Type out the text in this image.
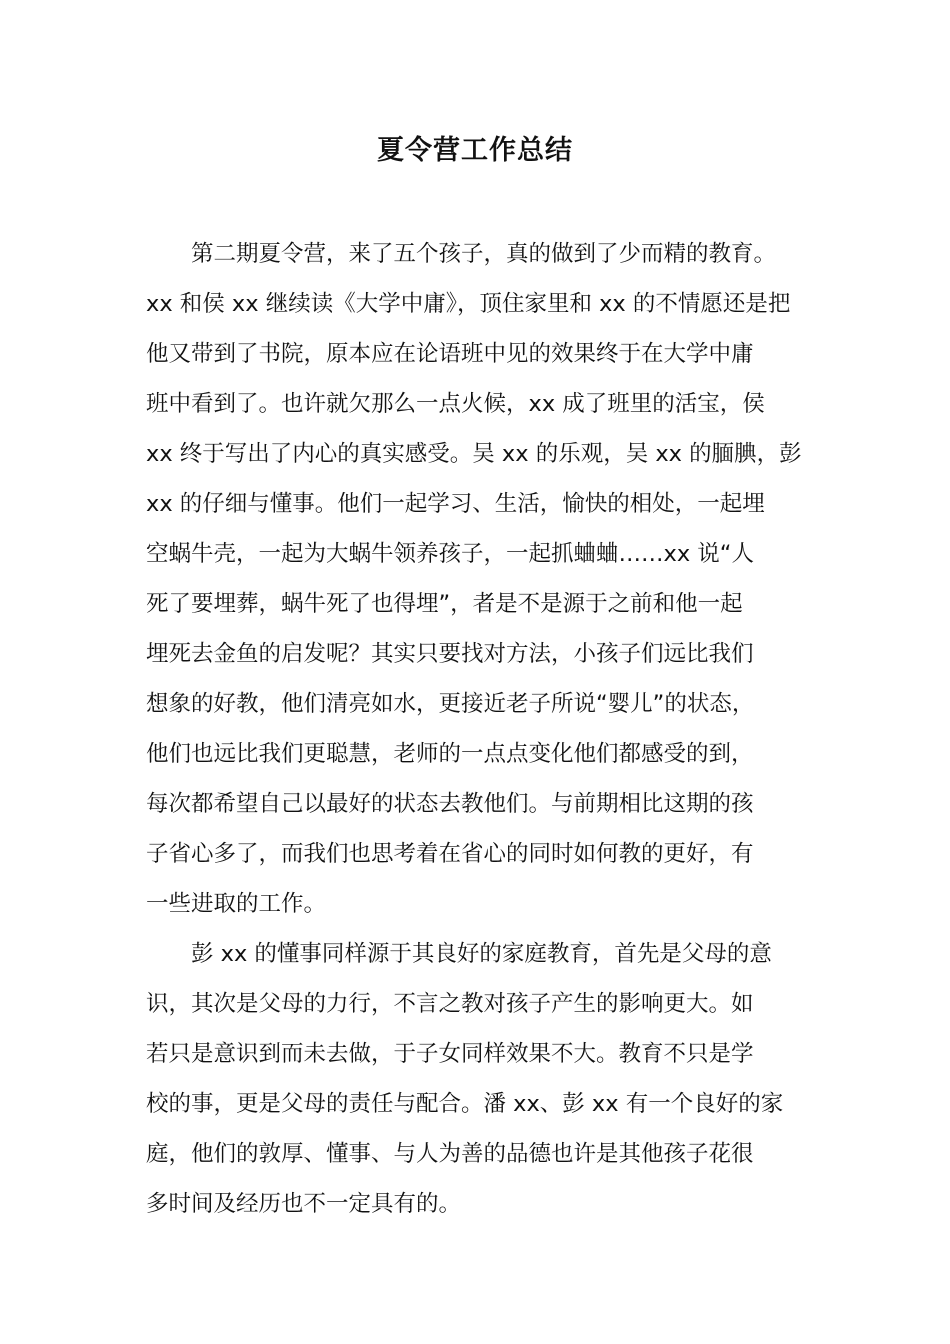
夏令营工作总结
　　第二期夏令营，来了五个孩子，真的做到了少而精的教育。
xx 和侯 xx 继续读《大学中庸》，顶住家里和 xx 的不情愿还是把
他又带到了书院，原本应在论语班中见的效果终于在大学中庸
班中看到了。也许就欠那么一点火候，xx 成了班里的活宝，侯
xx 终于写出了内心的真实感受。吴 xx 的乐观，吴 xx 的腼腆，彭
xx 的仔细与懂事。他们一起学习、生活，愉快的相处，一起埋
空蜗牛壳，一起为大蜗牛领养孩子，一起抓蛐蛐……xx 说“人
死了要埋葬，蜗牛死了也得埋”，者是不是源于之前和他一起
埋死去金鱼的启发呢？其实只要找对方法，小孩子们远比我们
想象的好教，他们清亮如水，更接近老子所说“婴儿”的状态，
他们也远比我们更聪慧，老师的一点点变化他们都感受的到，
每次都希望自己以最好的状态去教他们。与前期相比这期的孩
子省心多了，而我们也思考着在省心的同时如何教的更好，有
一些进取的工作。
　　彭 xx 的懂事同样源于其良好的家庭教育，首先是父母的意
识，其次是父母的力行，不言之教对孩子产生的影响更大。如
若只是意识到而未去做，于子女同样效果不大。教育不只是学
校的事，更是父母的责任与配合。潘 xx、彭 xx 有一个良好的家
庭，他们的敦厚、懂事、与人为善的品德也许是其他孩子花很
多时间及经历也不一定具有的。
